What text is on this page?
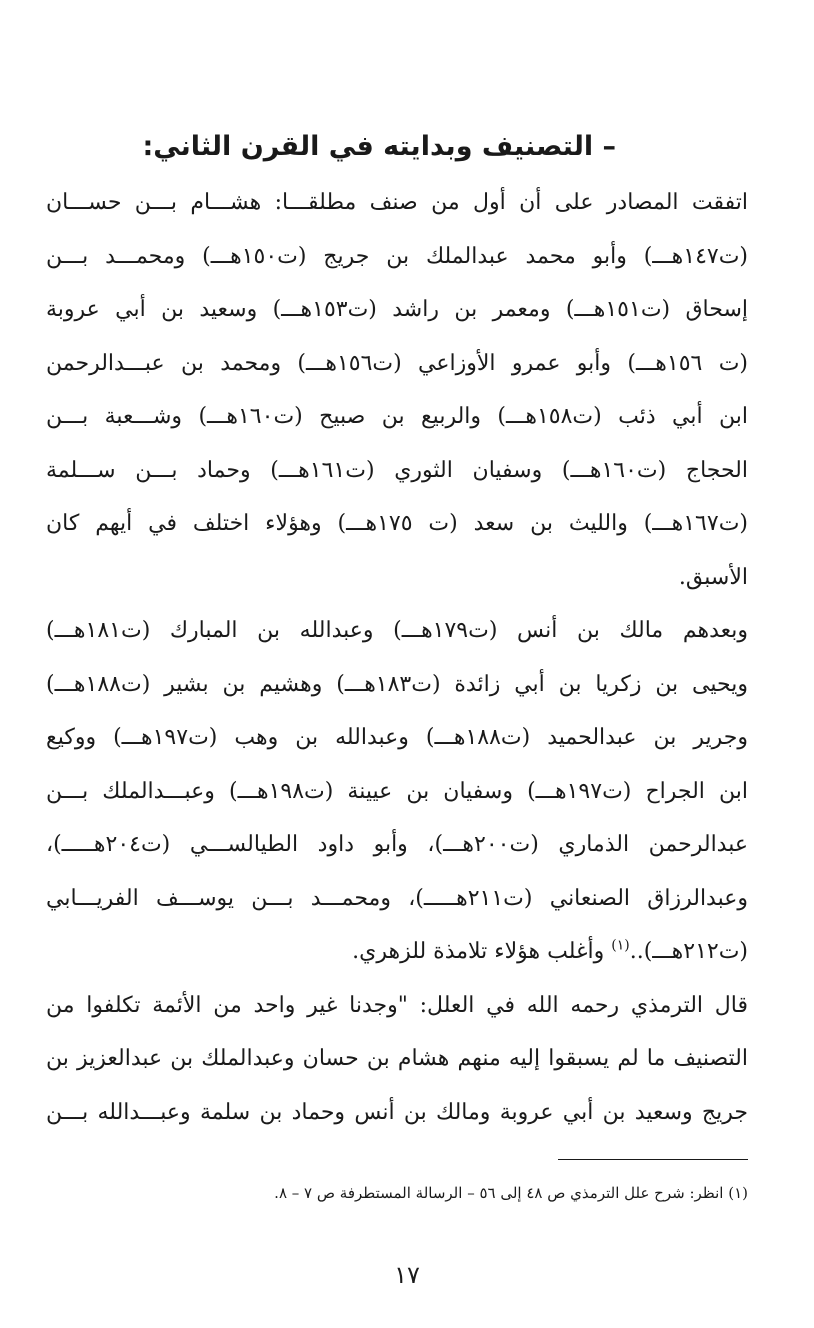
– التصنيف وبدايته في القرن الثاني:
اتفقت المصادر على أن أول من صنف مطلقـــا: هشـــام بـــن حســـان
(ت١٤٧هـــ) وأبو محمد عبدالملك بن جريج (ت١٥٠هـــ) ومحمـــد بـــن
إسحاق (ت١٥١هـــ) ومعمر بن راشد (ت١٥٣هـــ) وسعيد بن أبي عروبة
(ت ١٥٦هـــ) وأبو عمرو الأوزاعي (ت١٥٦هـــ) ومحمد بن عبـــدالرحمن
ابن أبي ذئب (ت١٥٨هـــ) والربيع بن صبيح (ت١٦٠هـــ) وشـــعبة بـــن
الحجاج (ت١٦٠هـــ) وسفيان الثوري (ت١٦١هـــ) وحماد بـــن ســـلمة
(ت١٦٧هـــ) والليث بن سعد (ت ١٧٥هـــ) وهؤلاء اختلف في أيهم كان
الأسبق.
وبعدهم مالك بن أنس (ت١٧٩هـــ) وعبدالله بن المبارك (ت١٨١هـــ)
ويحيى بن زكريا بن أبي زائدة (ت١٨٣هـــ) وهشيم بن بشير (ت١٨٨هـــ)
وجرير بن عبدالحميد (ت١٨٨هـــ) وعبدالله بن وهب (ت١٩٧هـــ) ووكيع
ابن الجراح (ت١٩٧هـــ) وسفيان بن عيينة (ت١٩٨هـــ) وعبـــدالملك بـــن
عبدالرحمن الذماري (ت٢٠٠هـــ)، وأبو داود الطيالســـي (ت٢٠٤هـــــ)،
وعبدالرزاق الصنعاني (ت٢١١هـــــ)، ومحمـــد بـــن يوســـف الفريـــابي
(ت٢١٢هـــ)..$^{(١)}$ وأغلب هؤلاء تلامذة للزهري.
قال الترمذي رحمه الله في العلل: "وجدنا غير واحد من الأئمة تكلفوا من
التصنيف ما لم يسبقوا إليه منهم هشام بن حسان وعبدالملك بن عبدالعزيز بن
جريج وسعيد بن أبي عروبة ومالك بن أنس وحماد بن سلمة وعبـــدالله بـــن
(١) انظر: شرح علل الترمذي ص ٤٨ إلى ٥٦ – الرسالة المستطرفة ص ٧ – ٨.
١٧
